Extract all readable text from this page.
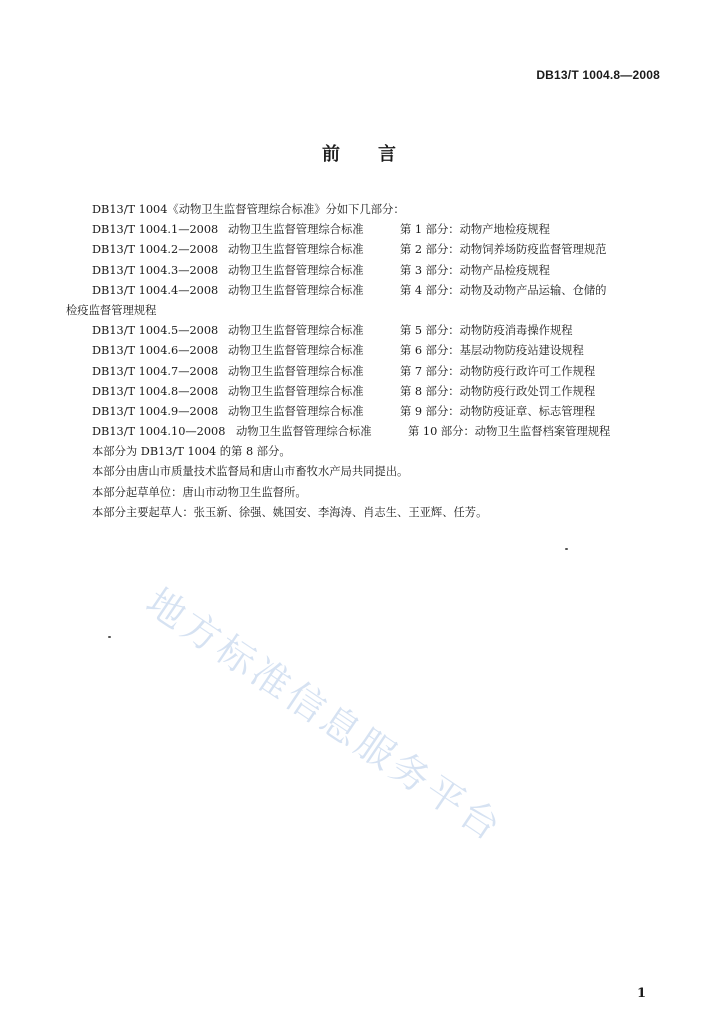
DB13/T 1004.8—2008
前言
DB13/T 1004《动物卫生监督管理综合标准》分如下几部分：
DB13/T 1004.1—2008 动物卫生监督管理综合标准	第 1 部分：动物产地检疫规程
DB13/T 1004.2—2008 动物卫生监督管理综合标准	第 2 部分：动物饲养场防疫监督管理规范
DB13/T 1004.3—2008 动物卫生监督管理综合标准	第 3 部分：动物产品检疫规程
DB13/T 1004.4—2008 动物卫生监督管理综合标准	第 4 部分：动物及动物产品运输、仓储的
检疫监督管理规程
DB13/T 1004.5—2008 动物卫生监督管理综合标准	第 5 部分：动物防疫消毒操作规程
DB13/T 1004.6—2008 动物卫生监督管理综合标准	第 6 部分：基层动物防疫站建设规程
DB13/T 1004.7—2008 动物卫生监督管理综合标准	第 7 部分：动物防疫行政许可工作规程
DB13/T 1004.8—2008 动物卫生监督管理综合标准	第 8 部分：动物防疫行政处罚工作规程
DB13/T 1004.9—2008 动物卫生监督管理综合标准	第 9 部分：动物防疫证章、标志管理程
DB13/T 1004.10—2008 动物卫生监督管理综合标准	第 10 部分：动物卫生监督档案管理规程
本部分为 DB13/T 1004 的第 8 部分。
本部分由唐山市质量技术监督局和唐山市畜牧水产局共同提出。
本部分起草单位：唐山市动物卫生监督所。
本部分主要起草人：张玉新、徐强、姚国安、李海涛、肖志生、王亚辉、任芳。
地方标准信息服务平台
1
